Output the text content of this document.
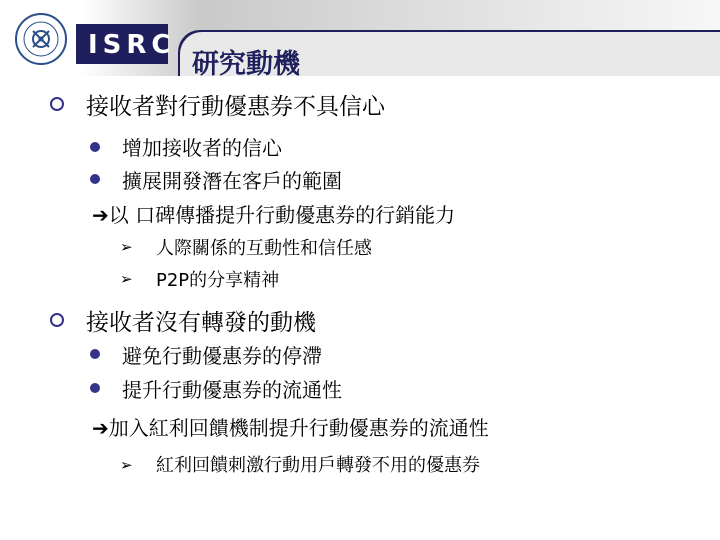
ISRC
研究動機
接收者對行動優惠券不具信心
增加接收者的信心
擴展開發潛在客戶的範圍
➔以 口碑傳播提升行動優惠券的行銷能力
➢ 人際關係的互動性和信任感
➢ P2P的分享精神
接收者沒有轉發的動機
避免行動優惠券的停滯
提升行動優惠券的流通性
➔加入紅利回饋機制提升行動優惠券的流通性
➢ 紅利回饋刺激行動用戶轉發不用的優惠券
